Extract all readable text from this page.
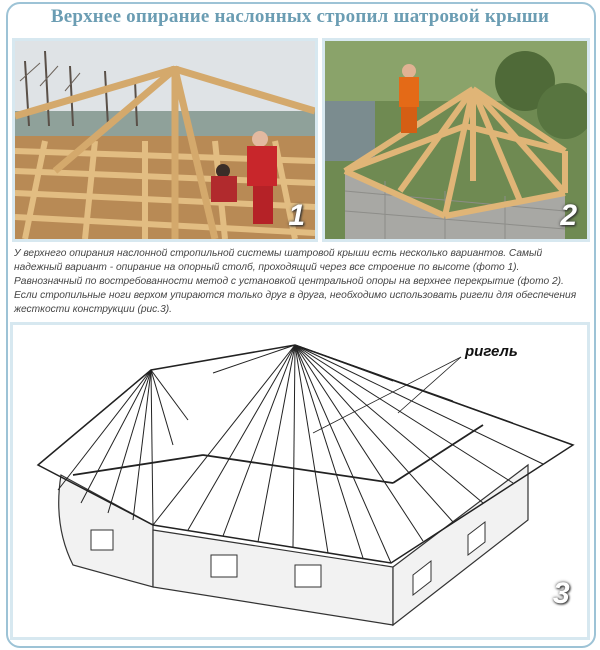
Верхнее опирание наслонных стропил шатровой крыши
1	2
У верхнего опирания наслонной стропильной системы шатровой крыши есть несколько вариантов. Самый надежный вариант - опирание на опорный столб, проходящий через все строение по высоте (фото 1). Равнозначный по востребованности метод с установкой центральной опоры на верхнее перекрытие (фото 2). Если стропильные ноги верхом упираются только друг в друга, необходимо использовать ригели для обеспечения жесткости конструкции (рис.3).
ригель
3
